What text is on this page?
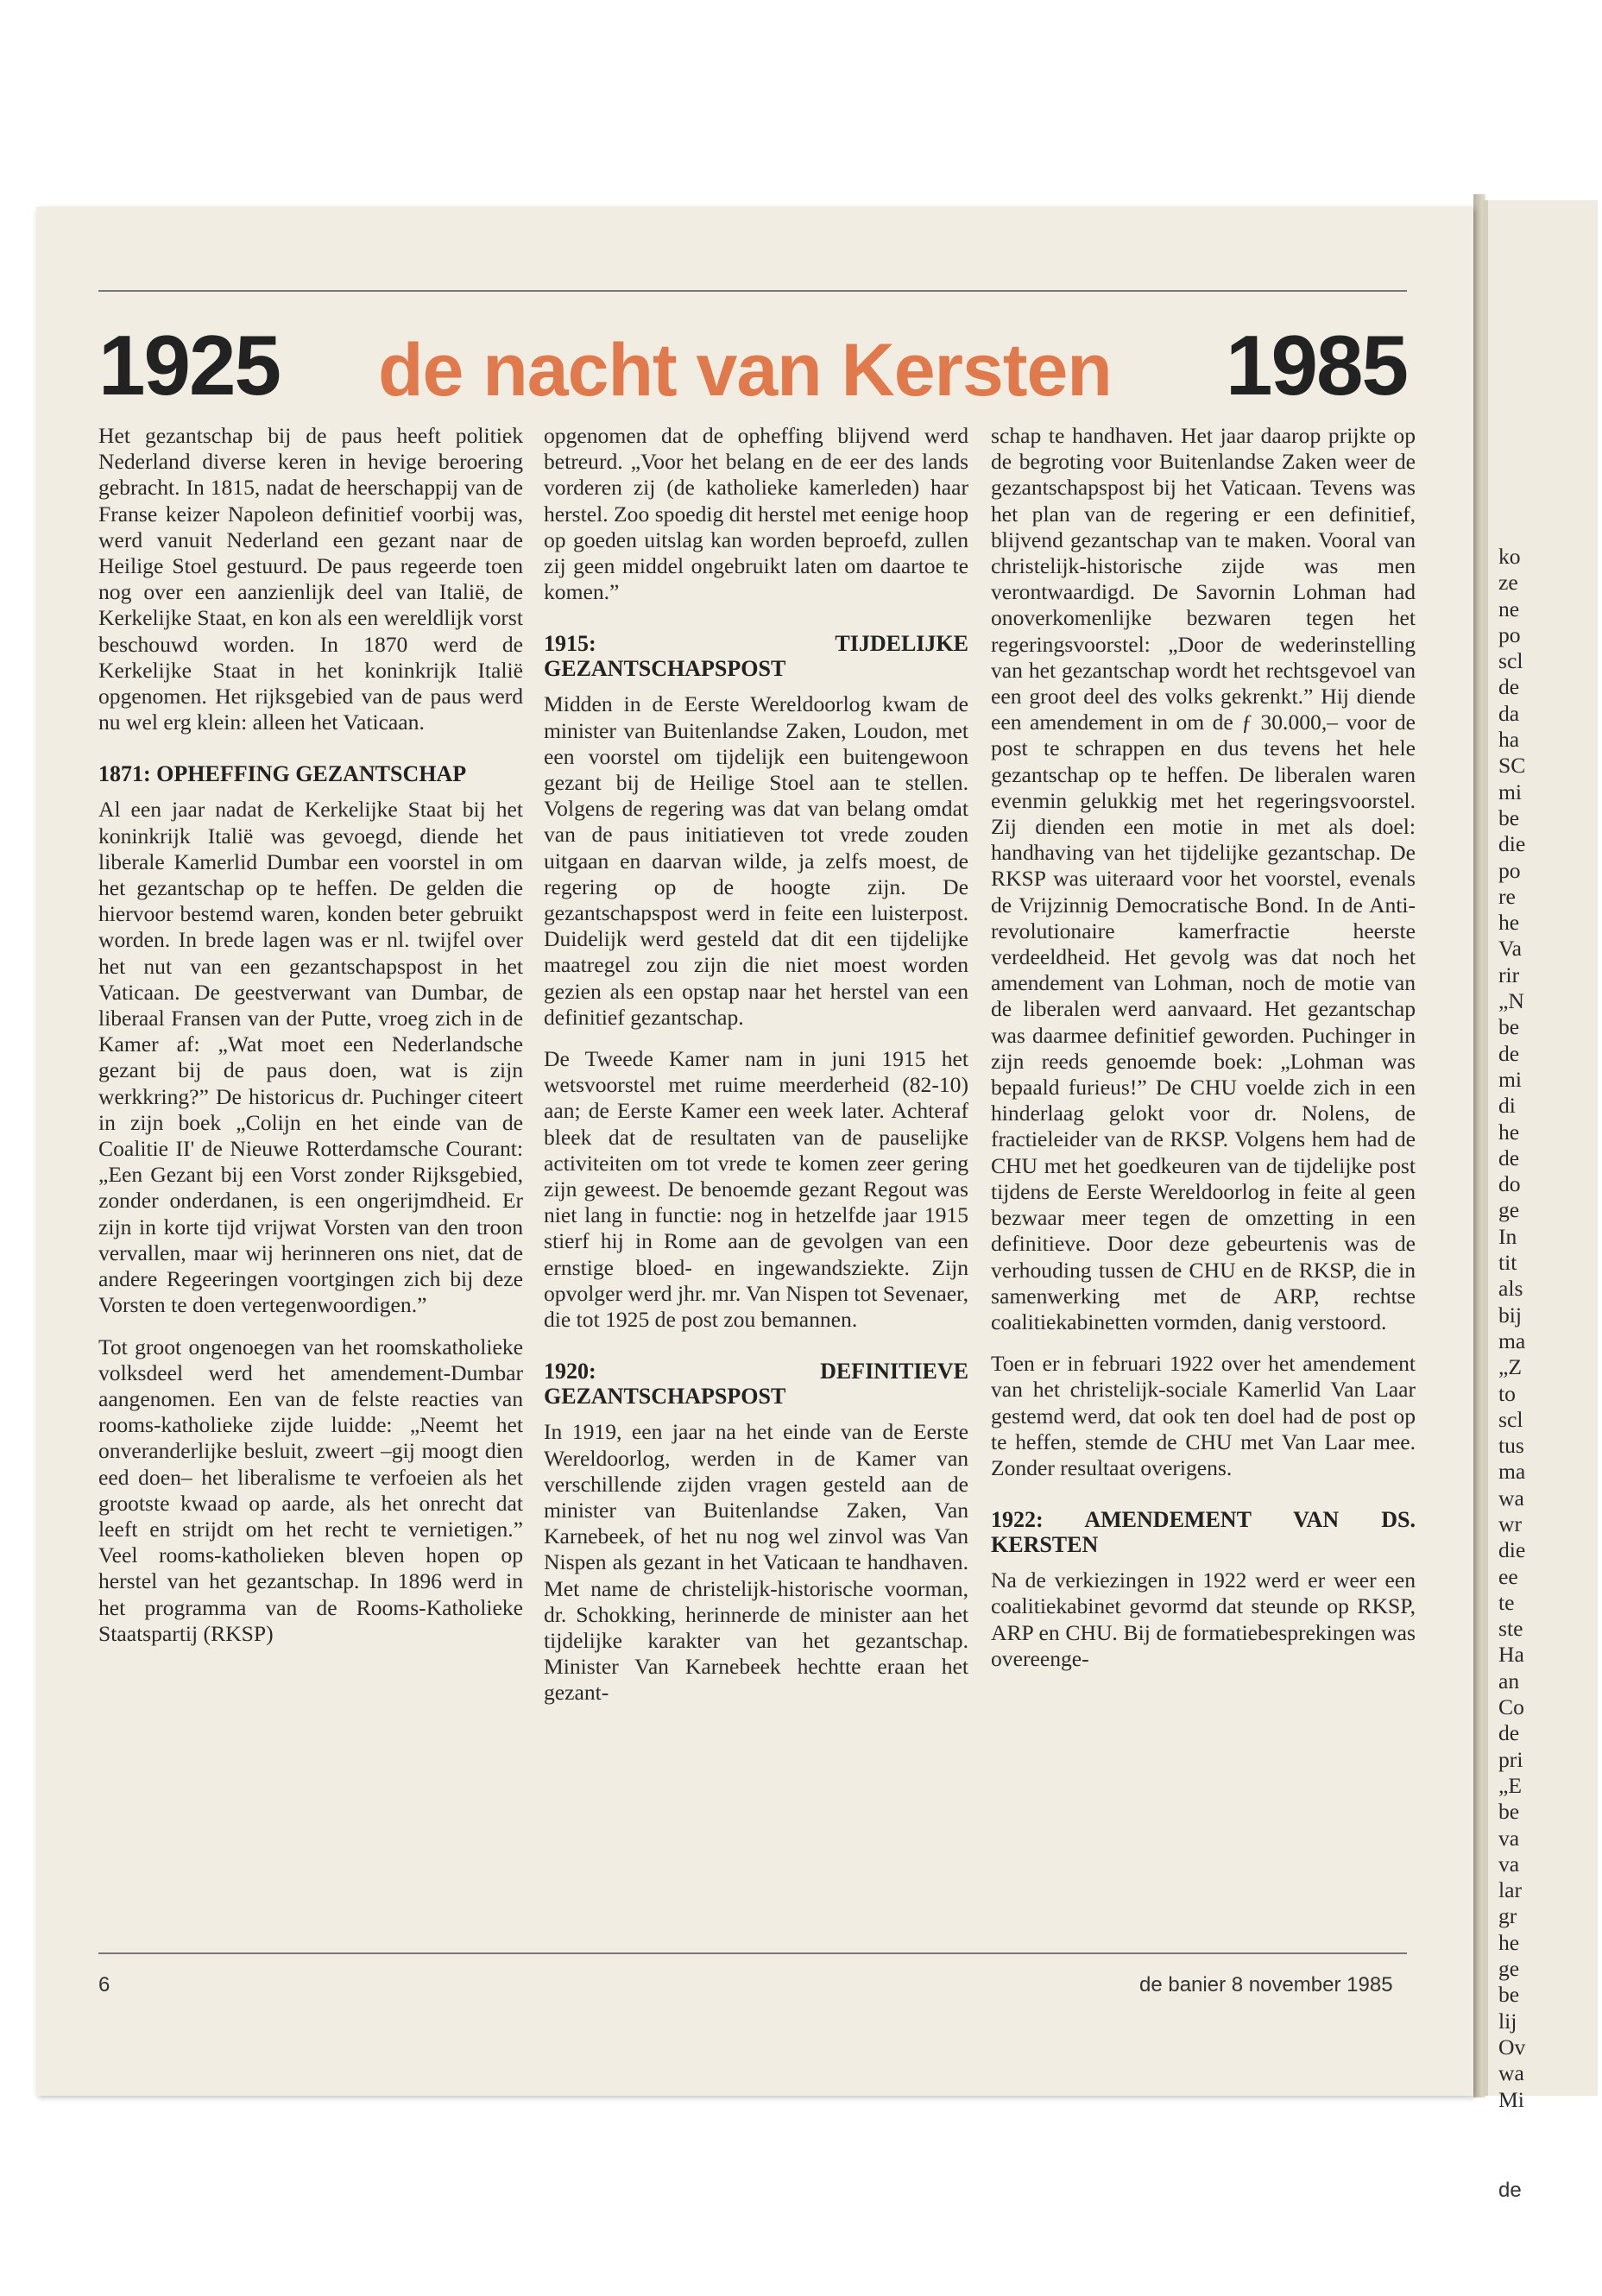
1925 de nacht van Kersten 1985

Het gezantschap bij de paus heeft politiek Nederland diverse keren in hevige beroering gebracht. In 1815, nadat de heerschappij van de Franse keizer Napoleon definitief voorbij was, werd vanuit Nederland een gezant naar de Heilige Stoel gestuurd. De paus regeerde toen nog over een aanzienlijk deel van Italië, de Kerkelijke Staat, en kon als een wereldlijk vorst beschouwd worden. In 1870 werd de Kerkelijke Staat in het koninkrijk Italië opgenomen. Het rijksgebied van de paus werd nu wel erg klein: alleen het Vaticaan.

1871: OPHEFFING GEZANTSCHAP

Al een jaar nadat de Kerkelijke Staat bij het koninkrijk Italië was gevoegd, diende het liberale Kamerlid Dumbar een voorstel in om het gezantschap op te heffen. De gelden die hiervoor bestemd waren, konden beter gebruikt worden. In brede lagen was er nl. twijfel over het nut van een gezantschapspost in het Vaticaan. De geestverwant van Dumbar, de liberaal Fransen van der Putte, vroeg zich in de Kamer af: „Wat moet een Nederlandsche gezant bij de paus doen, wat is zijn werkkring?” De historicus dr. Puchinger citeert in zijn boek „Colijn en het einde van de Coalitie II' de Nieuwe Rotterdamsche Courant: „Een Gezant bij een Vorst zonder Rijksgebied, zonder onderdanen, is een ongerijmdheid. Er zijn in korte tijd vrijwat Vorsten van den troon vervallen, maar wij herinneren ons niet, dat de andere Regeeringen voortgingen zich bij deze Vorsten te doen vertegenwoordigen.”

Tot groot ongenoegen van het roomskatholieke volksdeel werd het amendement-Dumbar aangenomen. Een van de felste reacties van rooms-katholieke zijde luidde: „Neemt het onveranderlijke besluit, zweert –gij moogt dien eed doen– het liberalisme te verfoeien als het grootste kwaad op aarde, als het onrecht dat leeft en strijdt om het recht te vernietigen.” Veel rooms-katholieken bleven hopen op herstel van het gezantschap. In 1896 werd in het programma van de Rooms-Katholieke Staatspartij (RKSP)

opgenomen dat de opheffing blijvend werd betreurd. „Voor het belang en de eer des lands vorderen zij (de katholieke kamerleden) haar herstel. Zoo spoedig dit herstel met eenige hoop op goeden uitslag kan worden beproefd, zullen zij geen middel ongebruikt laten om daartoe te komen.”

1915: TIJDELIJKE GEZANTSCHAPSPOST

Midden in de Eerste Wereldoorlog kwam de minister van Buitenlandse Zaken, Loudon, met een voorstel om tijdelijk een buitengewoon gezant bij de Heilige Stoel aan te stellen. Volgens de regering was dat van belang omdat van de paus initiatieven tot vrede zouden uitgaan en daarvan wilde, ja zelfs moest, de regering op de hoogte zijn. De gezantschapspost werd in feite een luisterpost. Duidelijk werd gesteld dat dit een tijdelijke maatregel zou zijn die niet moest worden gezien als een opstap naar het herstel van een definitief gezantschap.

De Tweede Kamer nam in juni 1915 het wetsvoorstel met ruime meerderheid (82-10) aan; de Eerste Kamer een week later. Achteraf bleek dat de resultaten van de pauselijke activiteiten om tot vrede te komen zeer gering zijn geweest. De benoemde gezant Regout was niet lang in functie: nog in hetzelfde jaar 1915 stierf hij in Rome aan de gevolgen van een ernstige bloed- en ingewandsziekte. Zijn opvolger werd jhr. mr. Van Nispen tot Sevenaer, die tot 1925 de post zou bemannen.

1920: DEFINITIEVE GEZANTSCHAPSPOST

In 1919, een jaar na het einde van de Eerste Wereldoorlog, werden in de Kamer van verschillende zijden vragen gesteld aan de minister van Buitenlandse Zaken, Van Karnebeek, of het nu nog wel zinvol was Van Nispen als gezant in het Vaticaan te handhaven. Met name de christelijk-historische voorman, dr. Schokking, herinnerde de minister aan het tijdelijke karakter van het gezantschap. Minister Van Karnebeek hechtte eraan het gezant-

schap te handhaven. Het jaar daarop prijkte op de begroting voor Buitenlandse Zaken weer de gezantschapspost bij het Vaticaan. Tevens was het plan van de regering er een definitief, blijvend gezantschap van te maken. Vooral van christelijk-historische zijde was men verontwaardigd. De Savornin Lohman had onoverkomenlijke bezwaren tegen het regeringsvoorstel: „Door de wederinstelling van het gezantschap wordt het rechtsgevoel van een groot deel des volks gekrenkt.” Hij diende een amendement in om de ƒ 30.000,– voor de post te schrappen en dus tevens het hele gezantschap op te heffen. De liberalen waren evenmin gelukkig met het regeringsvoorstel. Zij dienden een motie in met als doel: handhaving van het tijdelijke gezantschap. De RKSP was uiteraard voor het voorstel, evenals de Vrijzinnig Democratische Bond. In de Anti-revolutionaire kamerfractie heerste verdeeldheid. Het gevolg was dat noch het amendement van Lohman, noch de motie van de liberalen werd aanvaard. Het gezantschap was daarmee definitief geworden. Puchinger in zijn reeds genoemde boek: „Lohman was bepaald furieus!” De CHU voelde zich in een hinderlaag gelokt voor dr. Nolens, de fractieleider van de RKSP. Volgens hem had de CHU met het goedkeuren van de tijdelijke post tijdens de Eerste Wereldoorlog in feite al geen bezwaar meer tegen de omzetting in een definitieve. Door deze gebeurtenis was de verhouding tussen de CHU en de RKSP, die in samenwerking met de ARP, rechtse coalitiekabinetten vormden, danig verstoord.

Toen er in februari 1922 over het amendement van het christelijk-sociale Kamerlid Van Laar gestemd werd, dat ook ten doel had de post op te heffen, stemde de CHU met Van Laar mee. Zonder resultaat overigens.

1922: AMENDEMENT VAN DS. KERSTEN

Na de verkiezingen in 1922 werd er weer een coalitiekabinet gevormd dat steunde op RKSP, ARP en CHU. Bij de formatiebesprekingen was overeenge-

6	de banier 8 november 1985
ko
ze
ne
po
scl
de
da
ha
SC
mi
be
die
po
re
he
Va
rir
„N
be
de
mi
di
he
de
do
ge
In
tit
als
bij
ma
„Z
to
scl
tus
ma
wa
wr
die
ee
te
ste
Ha
an
Co
de
pri
„E
be
va
va
lar
gr
he
ge
be
lij
Ov
wa
Mi
de
